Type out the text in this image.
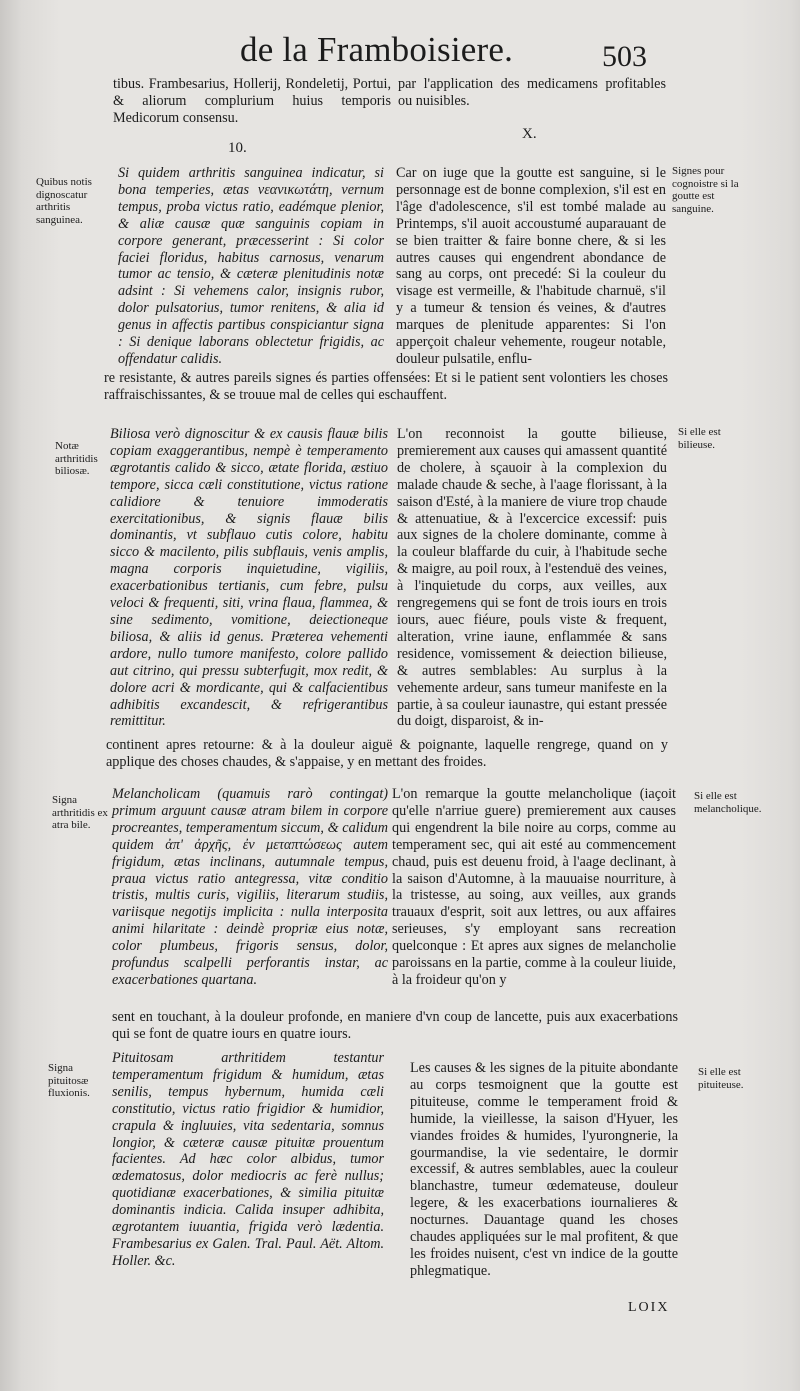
de la Framboisiere.	503
tibus. Frambesarius, Hollerij, Rondeletij, Portui, & aliorum complurium huius temporis Medicorum consensu.
par l'application des medicamens profitables ou nuisibles.
10.
X.
Quibus notis dignoscatur arthritis sanguinea.
Si quidem arthritis sanguinea indicatur, si bona temperies, ætas νεανικωτάτη, vernum tempus, proba victus ratio, eadémque plenior, & aliæ causæ quæ sanguinis copiam in corpore generant, præcesserint : Si color faciei floridus, habitus carnosus, venarum tumor ac tensio, & cæteræ plenitudinis notæ adsint : Si vehemens calor, insignis rubor, dolor pulsatorius, tumor renitens, & alia id genus in affectis partibus conspiciantur signa : Si denique laborans oblectetur frigidis, ac offendatur calidis.
Car on iuge que la goutte est sanguine, si le personnage est de bonne complexion, s'il est en l'âge d'adolescence, s'il est tombé malade au Printemps, s'il auoit accoustumé auparauant de se bien traitter & faire bonne chere, & si les autres causes qui engendrent abondance de sang au corps, ont precedé: Si la couleur du visage est vermeille, & l'habitude charnuë, s'il y a tumeur & tension és veines, & d'autres marques de plenitude apparentes: Si l'on apperçoit chaleur vehemente, rougeur notable, douleur pulsatile, enflu-
Signes pour cognoistre si la goutte est sanguine.
re resistante, & autres pareils signes és parties offensées: Et si le patient sent volontiers les choses raffraischissantes, & se trouue mal de celles qui eschauffent.
Notæ arthritidis biliosæ.
Biliosa verò dignoscitur & ex causis flauæ bilis copiam exaggerantibus, nempè è temperamento ægrotantis calido & sicco, ætate florida, æstiuo tempore, sicca cæli constitutione, victus ratione calidiore & tenuiore immoderatis exercitationibus, & signis flauæ bilis dominantis, vt subflauo cutis colore, habitu sicco & macilento, pilis subflauis, venis amplis, magna corporis inquietudine, vigiliis, exacerbationibus tertianis, cum febre, pulsu veloci & frequenti, siti, vrina flaua, flammea, & sine sedimento, vomitione, deiectioneque biliosa, & aliis id genus. Præterea vehementi ardore, nullo tumore manifesto, colore pallido aut citrino, qui pressu subterfugit, mox redit, & dolore acri & mordicante, qui & calfacientibus adhibitis excandescit, & refrigerantibus remittitur.
L'on reconnoist la goutte bilieuse, premierement aux causes qui amassent quantité de cholere, à sçauoir à la complexion du malade chaude & seche, à l'aage florissant, à la saison d'Esté, à la maniere de viure trop chaude & attenuatiue, & à l'excercice excessif: puis aux signes de la cholere dominante, comme à la couleur blaffarde du cuir, à l'habitude seche & maigre, au poil roux, à l'estenduë des veines, à l'inquietude du corps, aux veilles, aux rengregemens qui se font de trois iours en trois iours, auec fiéure, pouls viste & frequent, alteration, vrine iaune, enflammée & sans residence, vomissement & deiection bilieuse, & autres semblables: Au surplus à la vehemente ardeur, sans tumeur manifeste en la partie, à sa couleur iaunastre, qui estant pressée du doigt, disparoist, & in-
Si elle est bilieuse.
continent apres retourne: & à la douleur aiguë & poignante, laquelle rengrege, quand on y applique des choses chaudes, & s'appaise, y en mettant des froides.
Signa arthritidis ex atra bile.
Melancholicam (quamuis rarò contingat) primum arguunt causæ atram bilem in corpore procreantes, temperamentum siccum, & calidum quidem ἀπ' ἀρχῆς, ἐν μεταπτώσεως autem frigidum, ætas inclinans, autumnale tempus, praua victus ratio antegressa, vitæ conditio tristis, multis curis, vigiliis, literarum studiis, variisque negotijs implicita : nulla interposita animi hilaritate : deindè propriæ eius notæ, color plumbeus, frigoris sensus, dolor, profundus scalpelli perforantis instar, ac exacerbationes quartana.
L'on remarque la goutte melancholique (iaçoit qu'elle n'arriue guere) premierement aux causes qui engendrent la bile noire au corps, comme au temperament sec, qui ait esté au commencement chaud, puis est deuenu froid, à l'aage declinant, à la saison d'Automne, à la mauuaise nourriture, à la tristesse, au soing, aux veilles, aux grands trauaux d'esprit, soit aux lettres, ou aux affaires serieuses, s'y employant sans recreation quelconque : Et apres aux signes de melancholie paroissans en la partie, comme à la couleur liuide, à la froideur qu'on y
Si elle est melancholique.
sent en touchant, à la douleur profonde, en maniere d'vn coup de lancette, puis aux exacerbations qui se font de quatre iours en quatre iours.
Signa pituitosæ fluxionis.
Pituitosam arthritidem testantur temperamentum frigidum & humidum, ætas senilis, tempus hybernum, humida cæli constitutio, victus ratio frigidior & humidior, crapula & ingluuies, vita sedentaria, somnus longior, & cæteræ causæ pituitæ prouentum facientes. Ad hæc color albidus, tumor œdematosus, dolor mediocris ac ferè nullus; quotidianæ exacerbationes, & similia pituitæ dominantis indicia. Calida insuper adhibita, ægrotantem iuuantia, frigida verò lædentia. Frambesarius ex Galen. Tral. Paul. Aët. Altom. Holler. &c.
Les causes & les signes de la pituite abondante au corps tesmoignent que la goutte est pituiteuse, comme le temperament froid & humide, la vieillesse, la saison d'Hyuer, les viandes froides & humides, l'yurongnerie, la gourmandise, la vie sedentaire, le dormir excessif, & autres semblables, auec la couleur blanchastre, tumeur œdemateuse, douleur legere, & les exacerbations iournalieres & nocturnes. Dauantage quand les choses chaudes appliquées sur le mal profitent, & que les froides nuisent, c'est vn indice de la goutte phlegmatique.
Si elle est pituiteuse.
LOIX
